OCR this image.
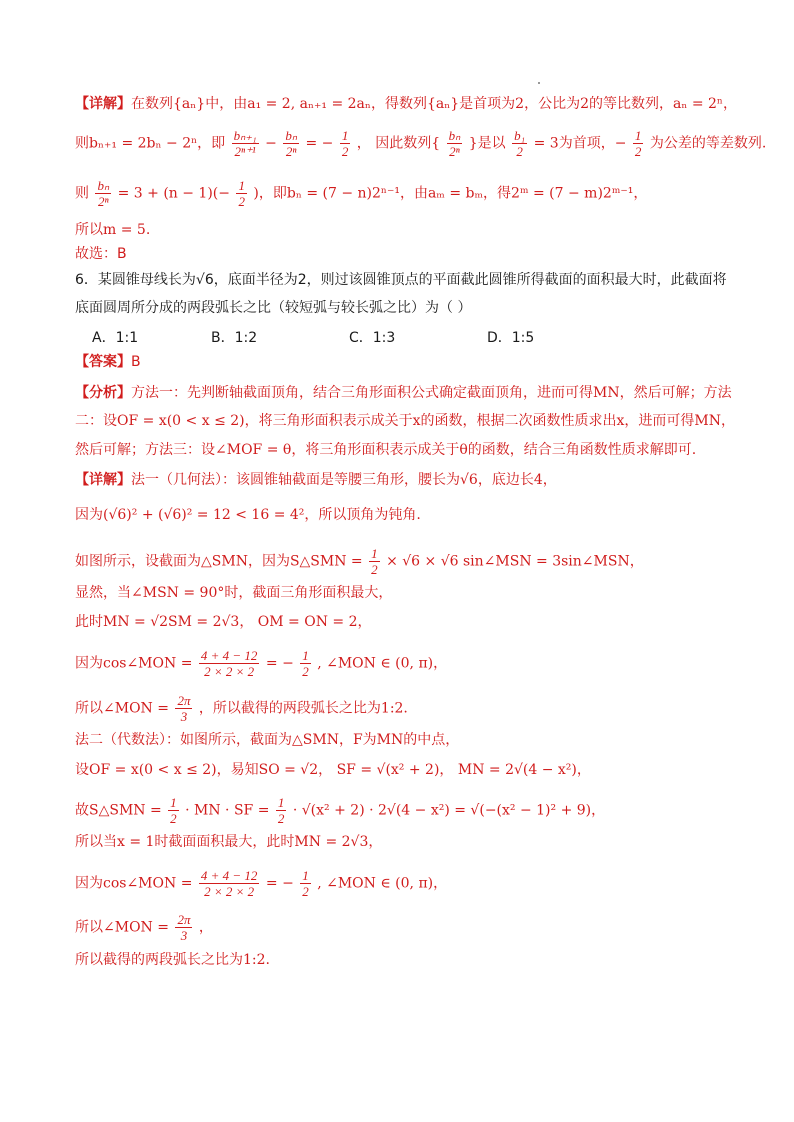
【详解】在数列{aₙ}中，由a₁ = 2, aₙ₊₁ = 2aₙ，得数列{aₙ}是首项为2，公比为2的等比数列，aₙ = 2ⁿ，
则bₙ₊₁ = 2bₙ − 2ⁿ，即 $\frac{\text{bₙ₊₁}}{\text{2ⁿ⁺¹}} - \frac{\text{bₙ}}{\text{2ⁿ}}$ = − $\frac{1}{2}$ ， 因此数列{ $\frac{\text{bₙ}}{\text{2ⁿ}}$ }是以 $\frac{\text{b₁}}{2} = 3$为首项，− $\frac{1}{2}$ 为公差的等差数列.
则 $\frac{\text{bₙ}}{\text{2ⁿ}} = 3 + (n - 1)(- \frac{1}{2}$ )，即bₙ = (7 − n)2ⁿ⁻¹，由aₘ = bₘ，得2ᵐ = (7 − m)2ᵐ⁻¹，
所以m = 5.
故选：B
6．某圆锥母线长为√6，底面半径为2，则过该圆锥顶点的平面截此圆锥所得截面的面积最大时，此截面将
底面圆周所分成的两段弧长之比（较短弧与较长弧之比）为（ ）
A．1:1	B．1:2	C．1:3	D．1:5
【答案】B
【分析】方法一：先判断轴截面顶角，结合三角形面积公式确定截面顶角，进而可得MN，然后可解；方法
二：设OF = x(0 < x ≤ 2)，将三角形面积表示成关于x的函数，根据二次函数性质求出x，进而可得MN，
然后可解；方法三：设∠MOF = θ，将三角形面积表示成关于θ的函数，结合三角函数性质求解即可.
【详解】法一（几何法）：该圆锥轴截面是等腰三角形，腰长为√6，底边长4，
因为(√6)² + (√6)² = 12 < 16 = 4²，所以顶角为钝角.
如图所示，设截面为△SMN，因为S△SMN = $\frac{1}{2} \times √6 \times √6$ sin∠MSN = 3sin∠MSN，
显然，当∠MSN = 90°时，截面三角形面积最大，
此时MN = √2SM = 2√3， OM = ON = 2，
因为cos∠MON = $\frac{4 + 4 - 12}{2 \times 2 \times 2}$ = − $\frac{1}{2}$ , ∠MON ∈ (0, π)，
所以∠MON = $\frac{2\pi}{3}$ ，所以截得的两段弧长之比为1:2.
法二（代数法）：如图所示，截面为△SMN，F为MN的中点，
设OF = x(0 < x ≤ 2)，易知SO = √2， SF = √(x² + 2)， MN = 2√(4 − x²)，
故S△SMN = $\frac{1}{2}$ · MN · SF = $\frac{1}{2} \cdot √(x^2 + 2) \cdot 2√(4 - x^2) = √(-(x^2 - 1)^2 + 9)$，
所以当x = 1时截面面积最大，此时MN = 2√3，
因为cos∠MON = $\frac{4 + 4 - 12}{2 \times 2 \times 2}$ = − $\frac{1}{2}$ , ∠MON ∈ (0, π)，
所以∠MON = $\frac{2\pi}{3}$ ，
所以截得的两段弧长之比为1:2.
